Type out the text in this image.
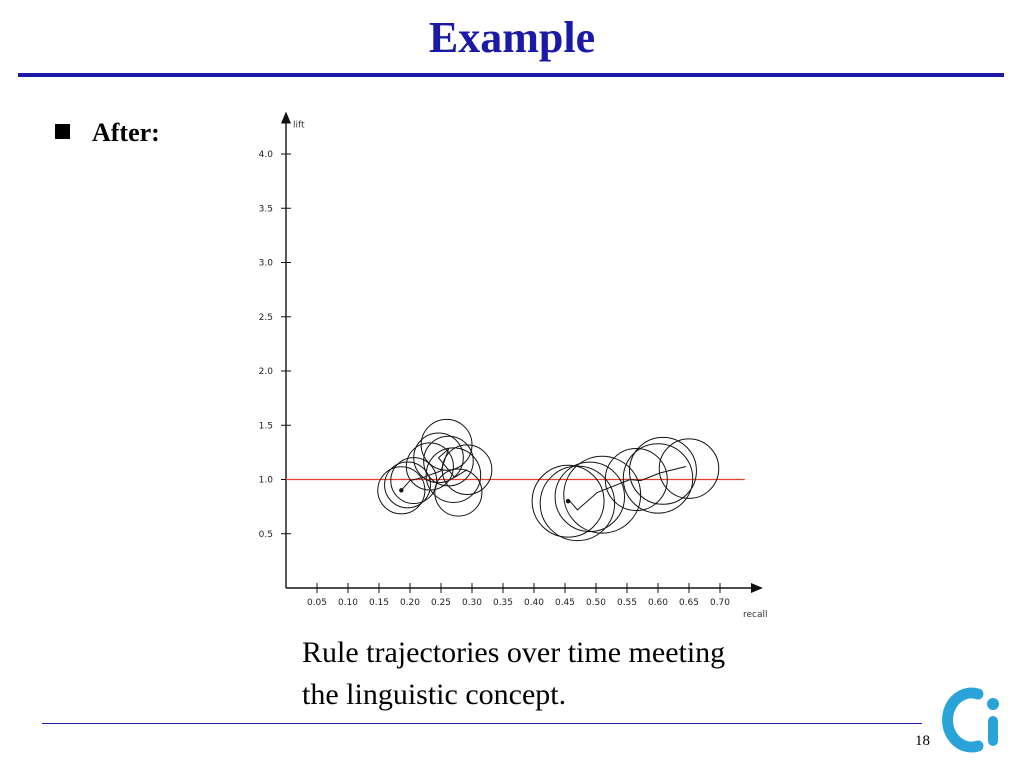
Example
After:	lift
recall
0.05 0.10 0.15 0.20 0.25 0.30 0.35 0.40 0.45 0.50 0.55 0.60 0.65 0.70
0.5
1.0
1.5
2.0
2.5
3.0
3.5
4.0
Rule trajectories over time meeting
the linguistic concept.
18
